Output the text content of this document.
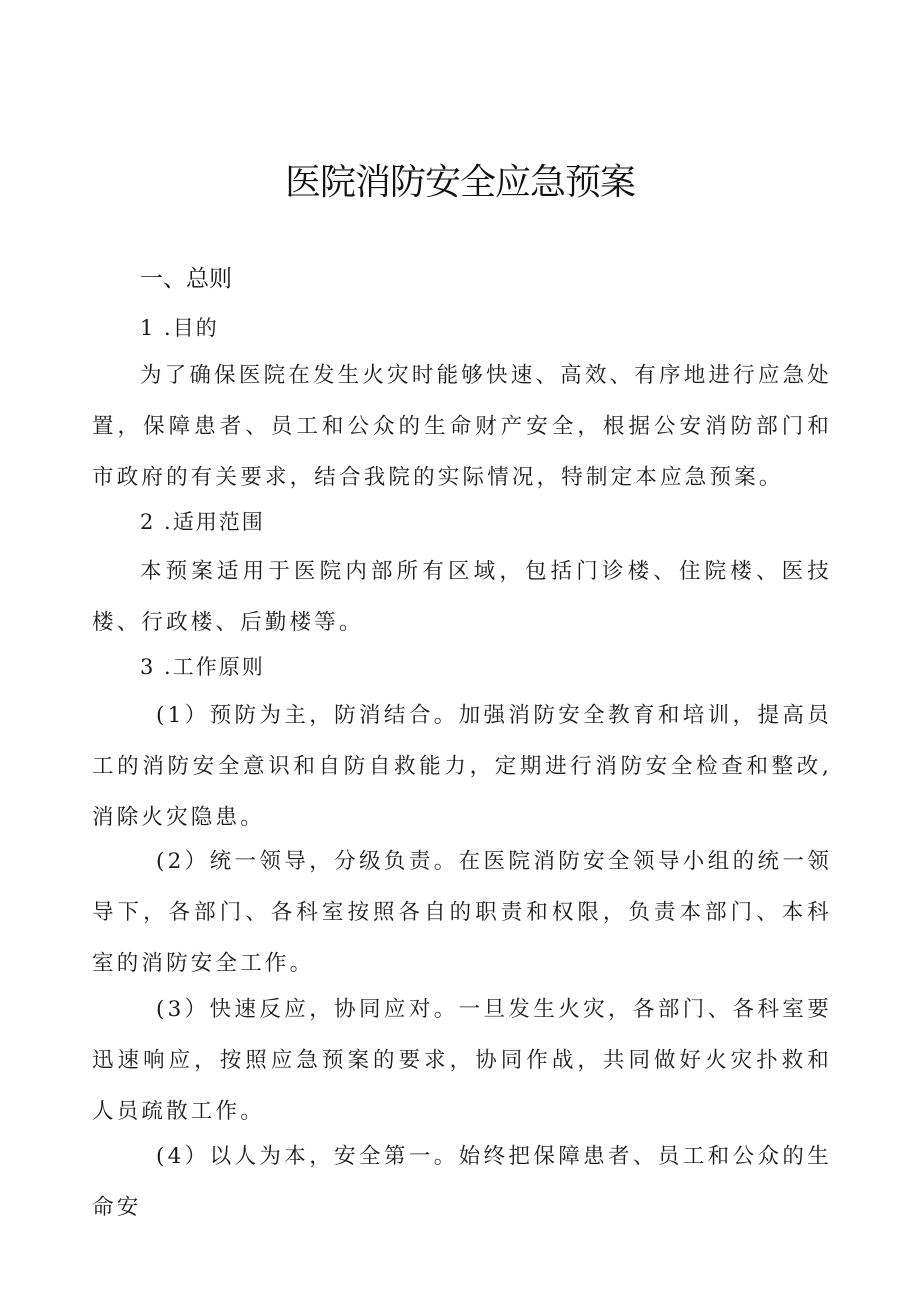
医院消防安全应急预案
一、总则
1 .目的

为了确保医院在发生火灾时能够快速、高效、有序地进行应急处置，保障患者、员工和公众的生命财产安全，根据公安消防部门和市政府的有关要求，结合我院的实际情况，特制定本应急预案。

2 .适用范围

本预案适用于医院内部所有区域，包括门诊楼、住院楼、医技楼、行政楼、后勤楼等。

3 .工作原则

(1）预防为主，防消结合。加强消防安全教育和培训，提高员工的消防安全意识和自防自救能力，定期进行消防安全检查和整改,消除火灾隐患。

(2）统一领导，分级负责。在医院消防安全领导小组的统一领导下，各部门、各科室按照各自的职责和权限，负责本部门、本科室的消防安全工作。

(3）快速反应，协同应对。一旦发生火灾，各部门、各科室要迅速响应，按照应急预案的要求，协同作战，共同做好火灾扑救和人员疏散工作。

(4）以人为本，安全第一。始终把保障患者、员工和公众的生命安
